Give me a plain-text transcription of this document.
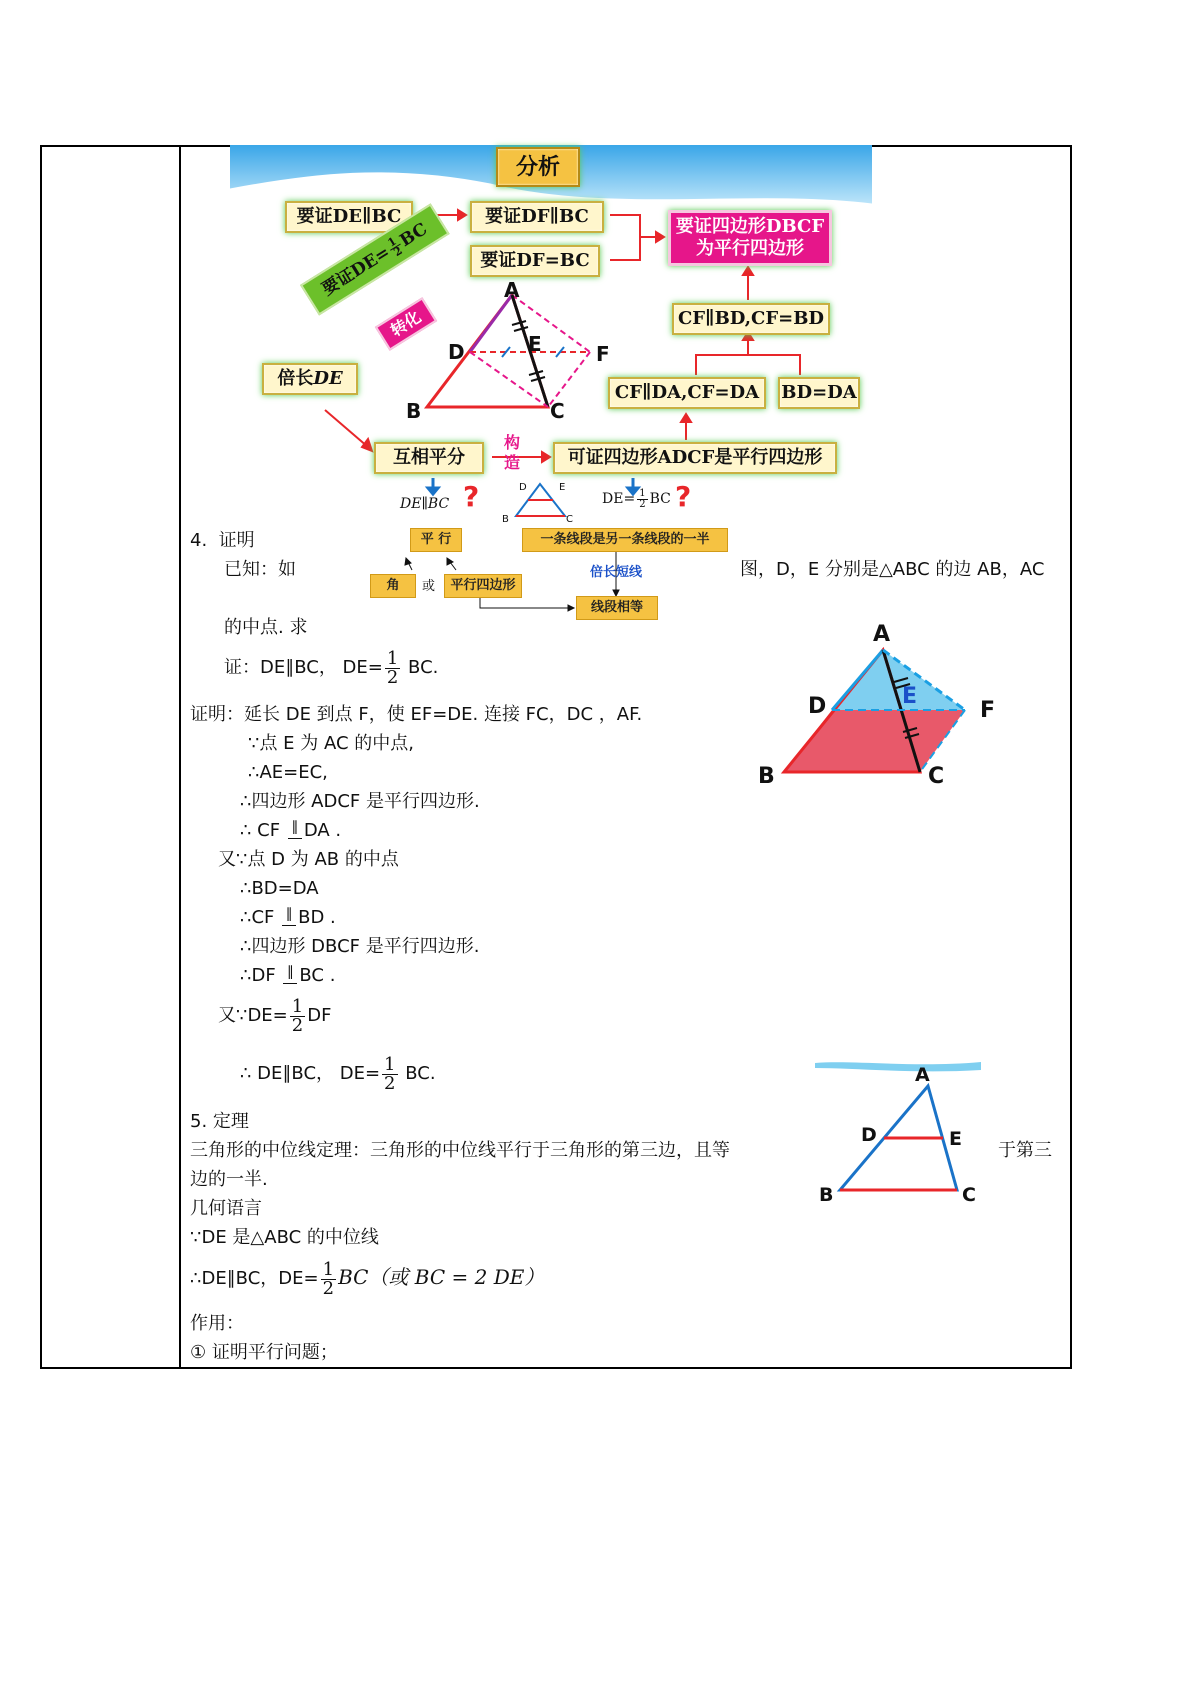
分析
要证DE∥BC	要证DF∥BC
要证DF=BC
要证四边形DBCF
为平行四边形
要证DE=
1
2
BC
转化
倍长DE
CF∥BD,CF=BD
CF∥DA,CF=DA	BD=DA
互相平分	可证四边形ADCF是平行四边形
构
造
A
D	E	F
B	C
?	?
DE∥BC	$DE= \frac{1}{2}$ BC
D	E
B	C
4. 证明
已知：如
平 行	一条线段是另一条线段的一半
角	或	平行四边形
倍长短线
线段相等
图，D，E 分别是△ABC 的边 AB，AC
的中点. 求
证：DE∥BC， $DE= \frac{1}{2}$ BC.
证明：延长 DE 到点 F，使 EF=DE. 连接 FC，DC ，AF.
∵点 E 为 AC 的中点,
∴AE=EC,
∴四边形 ADCF 是平行四边形.
∴ CF ∥ DA .
又∵点 D 为 AB 的中点
∴BD=DA
∴CF ∥ BD .
∴四边形 DBCF 是平行四边形.
∴DF ∥ BC .
又∵DE= $\frac{1}{2}$ DF
∴ DE∥BC， $DE= \frac{1}{2}$ BC.
A
D	E
F
B	C
5. 定理
三角形的中位线定理：三角形的中位线平行于三角形的第三边，且等	于第三
边的一半.
几何语言
∵DE 是△ABC 的中位线
∴DE∥BC，$DE= \frac{1}{2} BC$（或 BC = 2 DE）
作用：
① 证明平行问题；
A
D	E
B	C
